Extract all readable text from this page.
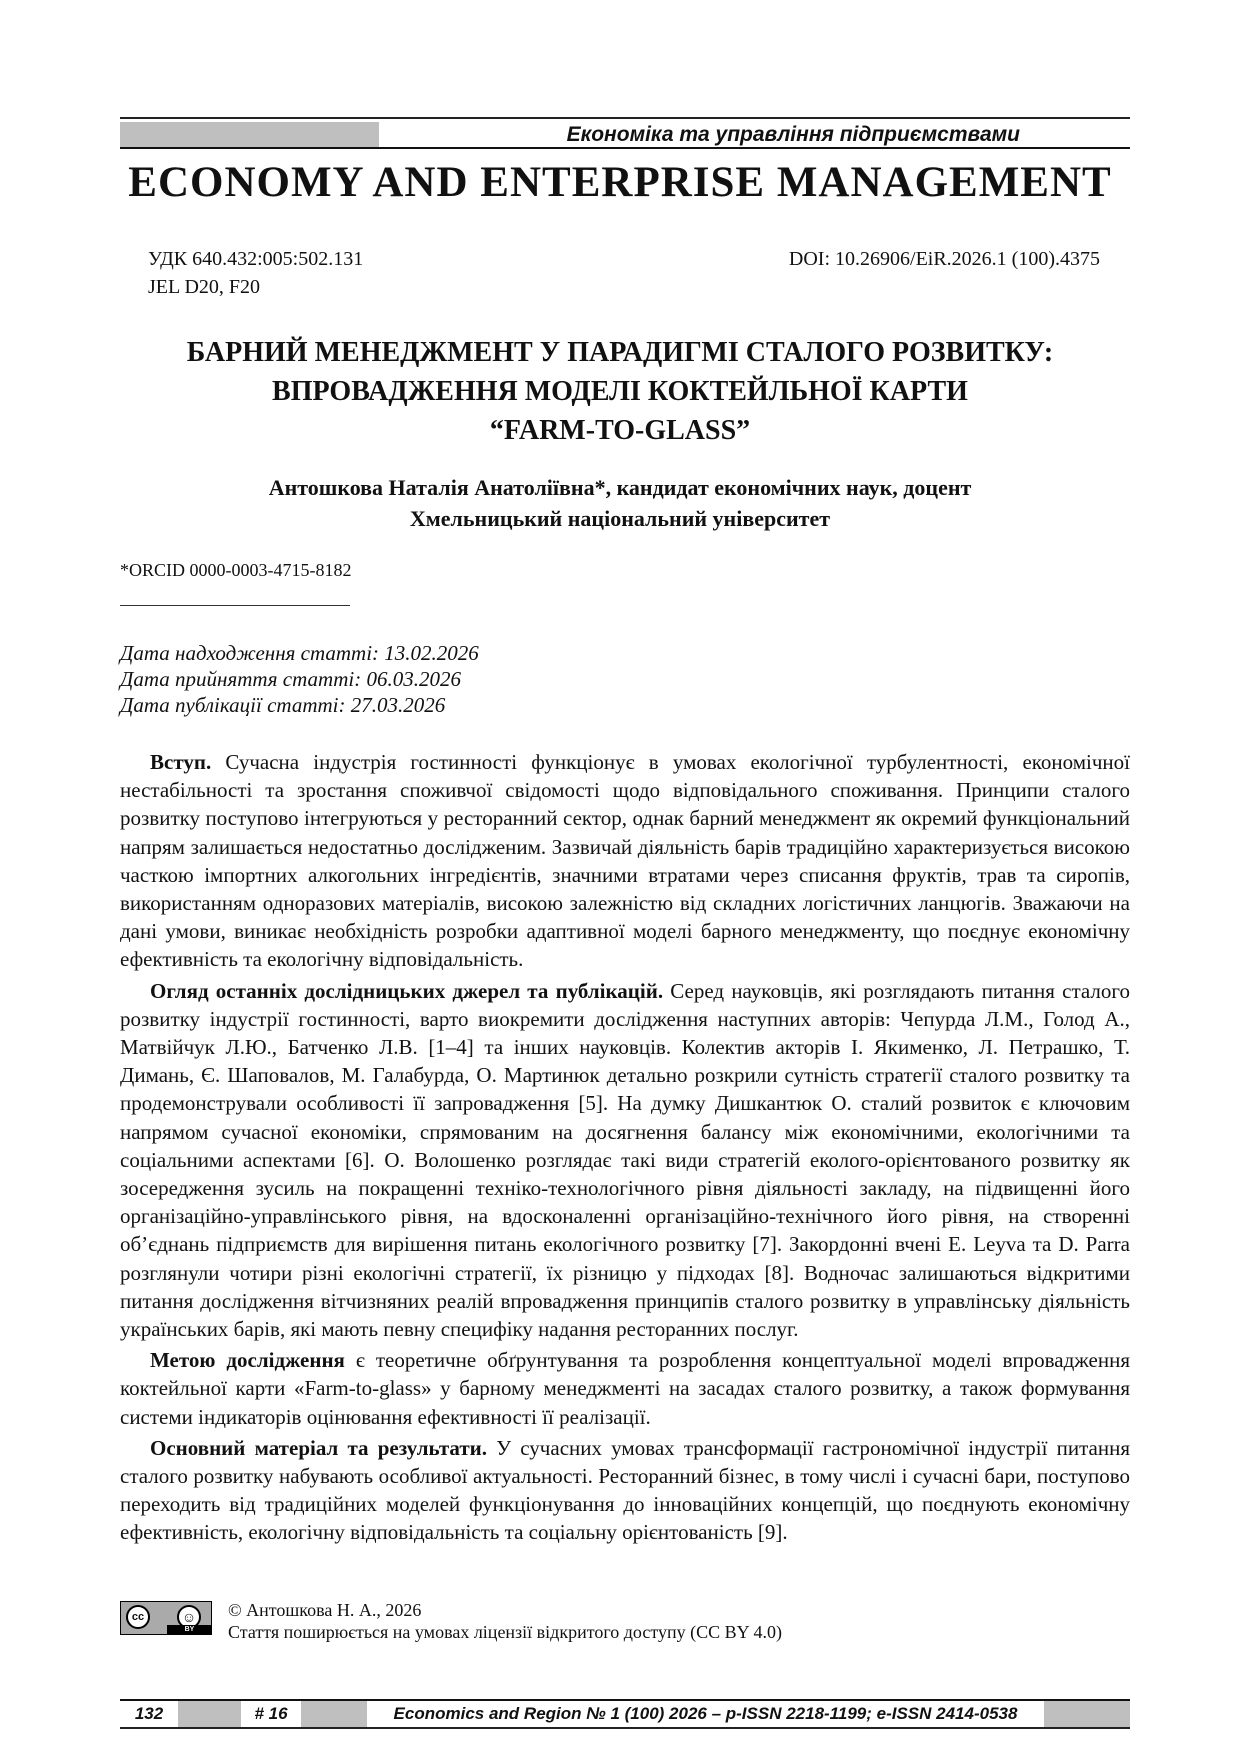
Економіка та управління підприємствами
ECONOMY AND ENTERPRISE MANAGEMENT
УДК 640.432:005:502.131
JEL D20, F20
DOI: 10.26906/EiR.2026.1 (100).4375
БАРНИЙ МЕНЕДЖМЕНТ У ПАРАДИГМІ СТАЛОГО РОЗВИТКУ:
ВПРОВАДЖЕННЯ МОДЕЛІ КОКТЕЙЛЬНОЇ КАРТИ
“FARM-TO-GLASS”
Антошкова Наталія Анатоліївна*, кандидат економічних наук, доцент
Хмельницький національний університет
*ORCID 0000-0003-4715-8182
Дата надходження статті: 13.02.2026
Дата прийняття статті: 06.03.2026
Дата публікації статті: 27.03.2026

Вступ. Сучасна індустрія гостинності функціонує в умовах екологічної турбулентності, економічної нестабільності та зростання споживчої свідомості щодо відповідального споживання. Принципи сталого розвитку поступово інтегруються у ресторанний сектор, однак барний менеджмент як окремий функціональний напрям залишається недостатньо дослідженим. Зазвичай діяльність барів традиційно характеризується високою часткою імпортних алкогольних інгредієнтів, значними втратами через списання фруктів, трав та сиропів, використанням одноразових матеріалів, високою залежністю від складних логістичних ланцюгів. Зважаючи на дані умови, виникає необхідність розробки адаптивної моделі барного менеджменту, що поєднує економічну ефективність та екологічну відповідальність.

Огляд останніх дослідницьких джерел та публікацій. Серед науковців, які розглядають питання сталого розвитку індустрії гостинності, варто виокремити дослідження наступних авторів: Чепурда Л.М., Голод А., Матвійчук Л.Ю., Батченко Л.В. [1–4] та інших науковців. Колектив акторів І. Якименко, Л. Петрашко, Т. Димань, Є. Шаповалов, М. Галабурда, О. Мартинюк детально розкрили сутність стратегії сталого розвитку та продемонстрували особливості її запровадження [5]. На думку Дишкантюк О. сталий розвиток є ключовим напрямом сучасної економіки, спрямованим на досягнення балансу між економічними, екологічними та соціальними аспектами [6]. О. Волошенко розглядає такі види стратегій еколого-орієнтованого розвитку як зосередження зусиль на покращенні техніко-технологічного рівня діяльності закладу, на підвищенні його організаційно-управлінського рівня, на вдосконаленні організаційно-технічного його рівня, на створенні об’єднань підприємств для вирішення питань екологічного розвитку [7]. Закордонні вчені E. Leyva та D. Parra розглянули чотири різні екологічні стратегії, їх різницю у підходах [8]. Водночас залишаються відкритими питання дослідження вітчизняних реалій впровадження принципів сталого розвитку в управлінську діяльність українських барів, які мають певну специфіку надання ресторанних послуг.

Метою дослідження є теоретичне обґрунтування та розроблення концептуальної моделі впровадження коктейльної карти «Farm-to-glass» у барному менеджменті на засадах сталого розвитку, а також формування системи індикаторів оцінювання ефективності її реалізації.

Основний матеріал та результати. У сучасних умовах трансформації гастрономічної індустрії питання сталого розвитку набувають особливої актуальності. Ресторанний бізнес, в тому числі і сучасні бари, поступово переходить від традиційних моделей функціонування до інноваційних концепцій, що поєднують економічну ефективність, екологічну відповідальність та соціальну орієнтованість [9].

cc	☺
BY
© Антошкова Н. А., 2026
Стаття поширюється на умовах ліцензії відкритого доступу (CC BY 4.0)
132	# 16	Economics and Region № 1 (100) 2026 – p-ISSN 2218-1199; e-ISSN 2414-0538
